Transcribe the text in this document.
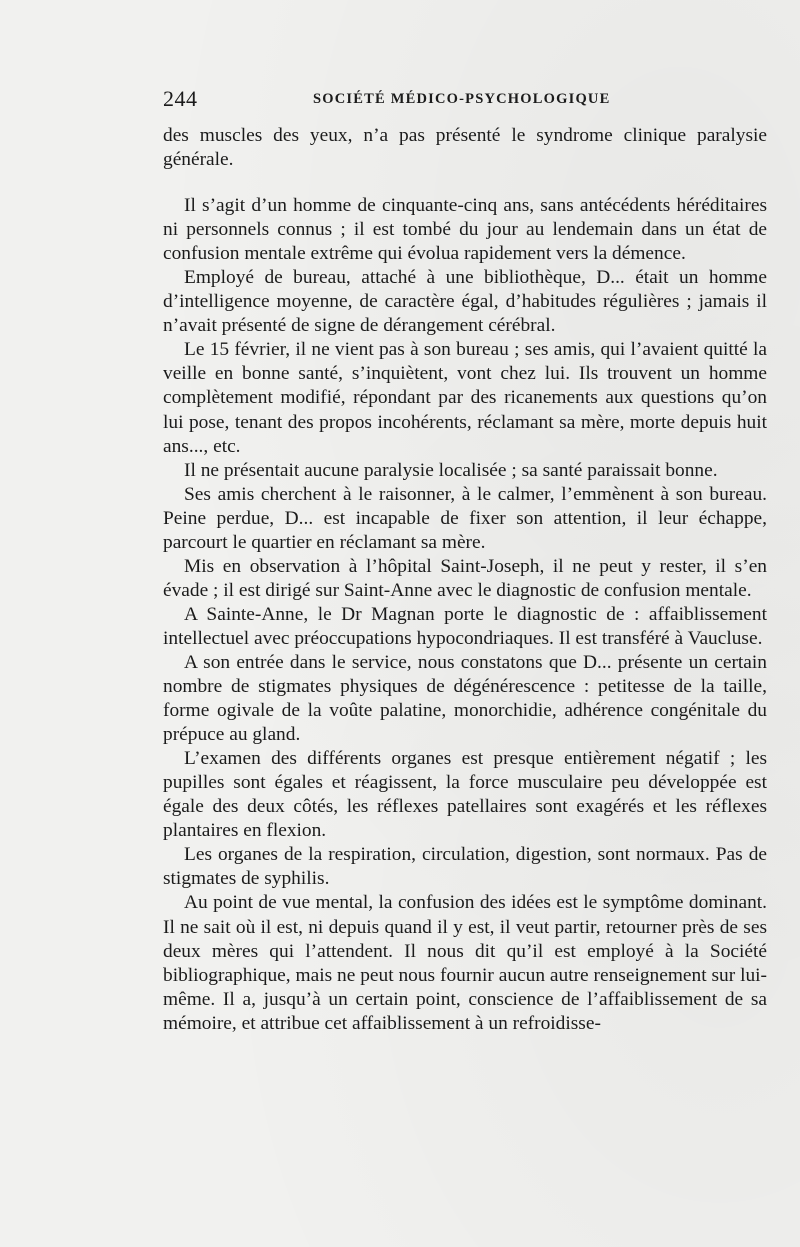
244	SOCIÉTÉ MÉDICO-PSYCHOLOGIQUE

des muscles des yeux, n’a pas présenté le syndrome clinique paralysie générale.

Il s’agit d’un homme de cinquante-cinq ans, sans antécédents héréditaires ni personnels connus ; il est tombé du jour au lendemain dans un état de confusion mentale extrême qui évolua rapidement vers la démence.

Employé de bureau, attaché à une bibliothèque, D... était un homme d’intelligence moyenne, de caractère égal, d’habitudes régulières ; jamais il n’avait présenté de signe de dérangement cérébral.

Le 15 février, il ne vient pas à son bureau ; ses amis, qui l’avaient quitté la veille en bonne santé, s’inquiètent, vont chez lui. Ils trouvent un homme complètement modifié, répondant par des ricanements aux questions qu’on lui pose, tenant des propos incohérents, réclamant sa mère, morte depuis huit ans..., etc.

Il ne présentait aucune paralysie localisée ; sa santé paraissait bonne.

Ses amis cherchent à le raisonner, à le calmer, l’emmènent à son bureau. Peine perdue, D... est incapable de fixer son attention, il leur échappe, parcourt le quartier en réclamant sa mère.

Mis en observation à l’hôpital Saint-Joseph, il ne peut y rester, il s’en évade ; il est dirigé sur Saint-Anne avec le diagnostic de confusion mentale.

A Sainte-Anne, le Dr Magnan porte le diagnostic de : affaiblissement intellectuel avec préoccupations hypocondriaques. Il est transféré à Vaucluse.

A son entrée dans le service, nous constatons que D... présente un certain nombre de stigmates physiques de dégénérescence : petitesse de la taille, forme ogivale de la voûte palatine, monorchidie, adhérence congénitale du prépuce au gland.

L’examen des différents organes est presque entièrement négatif ; les pupilles sont égales et réagissent, la force musculaire peu développée est égale des deux côtés, les réflexes patellaires sont exagérés et les réflexes plantaires en flexion.

Les organes de la respiration, circulation, digestion, sont normaux. Pas de stigmates de syphilis.

Au point de vue mental, la confusion des idées est le symptôme dominant. Il ne sait où il est, ni depuis quand il y est, il veut partir, retourner près de ses deux mères qui l’attendent. Il nous dit qu’il est employé à la Société bibliographique, mais ne peut nous fournir aucun autre renseignement sur lui-même. Il a, jusqu’à un certain point, conscience de l’affaiblissement de sa mémoire, et attribue cet affaiblissement à un refroidisse-
